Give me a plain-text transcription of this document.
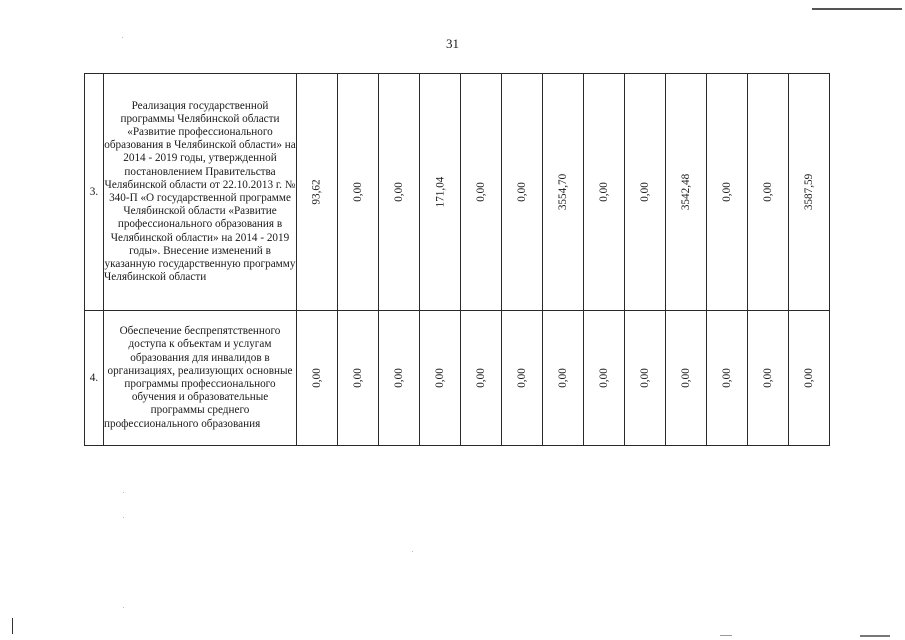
31
3.	Реализация государственной программы Челябинской области «Развитие профессионального образования в Челябинской области» на 2014 - 2019 годы, утвержденной постановлением Правительства Челябинской области от 22.10.2013 г. № 340-П «О государственной программе Челябинской области «Развитие профессионального образования в Челябинской области» на 2014 - 2019 годы». Внесение изменений в указанную государственную программу Челябинской области	93,62	0,00	0,00	171,04	0,00	0,00	3554,70	0,00	0,00	3542,48	0,00	0,00	3587,59
4.	Обеспечение беспрепятственного доступа к объектам и услугам образования для инвалидов в организациях, реализующих основные программы профессионального обучения и образовательные программы среднего профессионального образования	0,00	0,00	0,00	0,00	0,00	0,00	0,00	0,00	0,00	0,00	0,00	0,00	0,00
